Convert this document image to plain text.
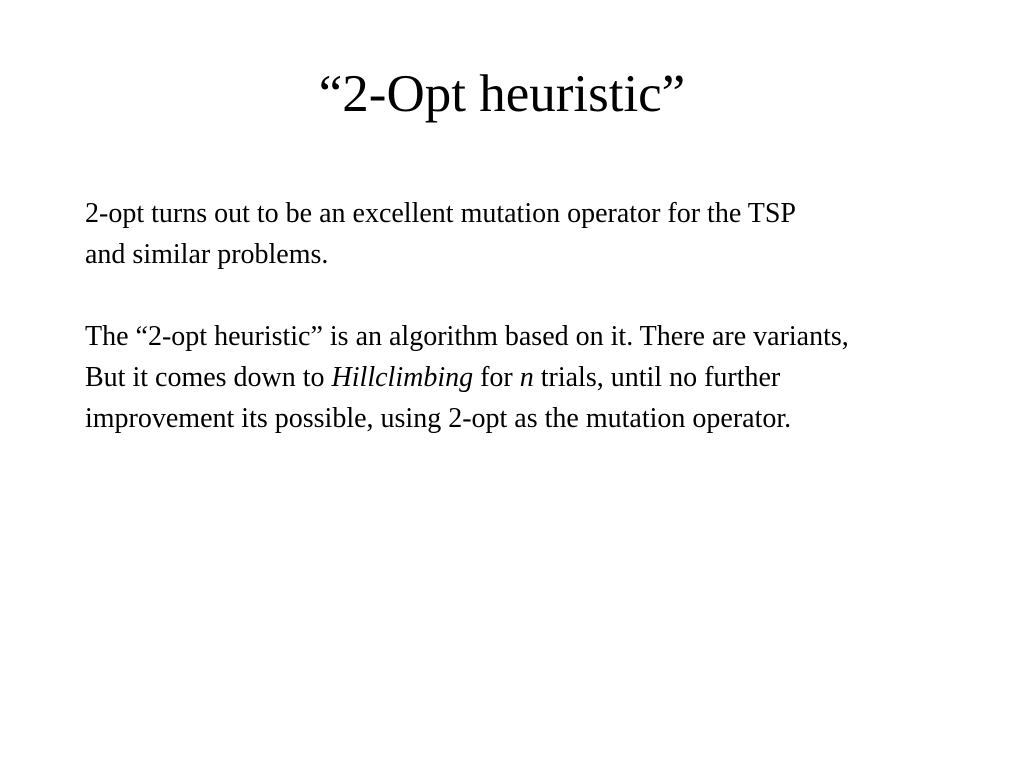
“2-Opt heuristic”
2-opt turns out to be an excellent mutation operator for the TSP
and similar problems.
The “2-opt heuristic” is an algorithm based on it. There are variants,
But it comes down to Hillclimbing for n trials, until no further
improvement its possible, using 2-opt as the mutation operator.
